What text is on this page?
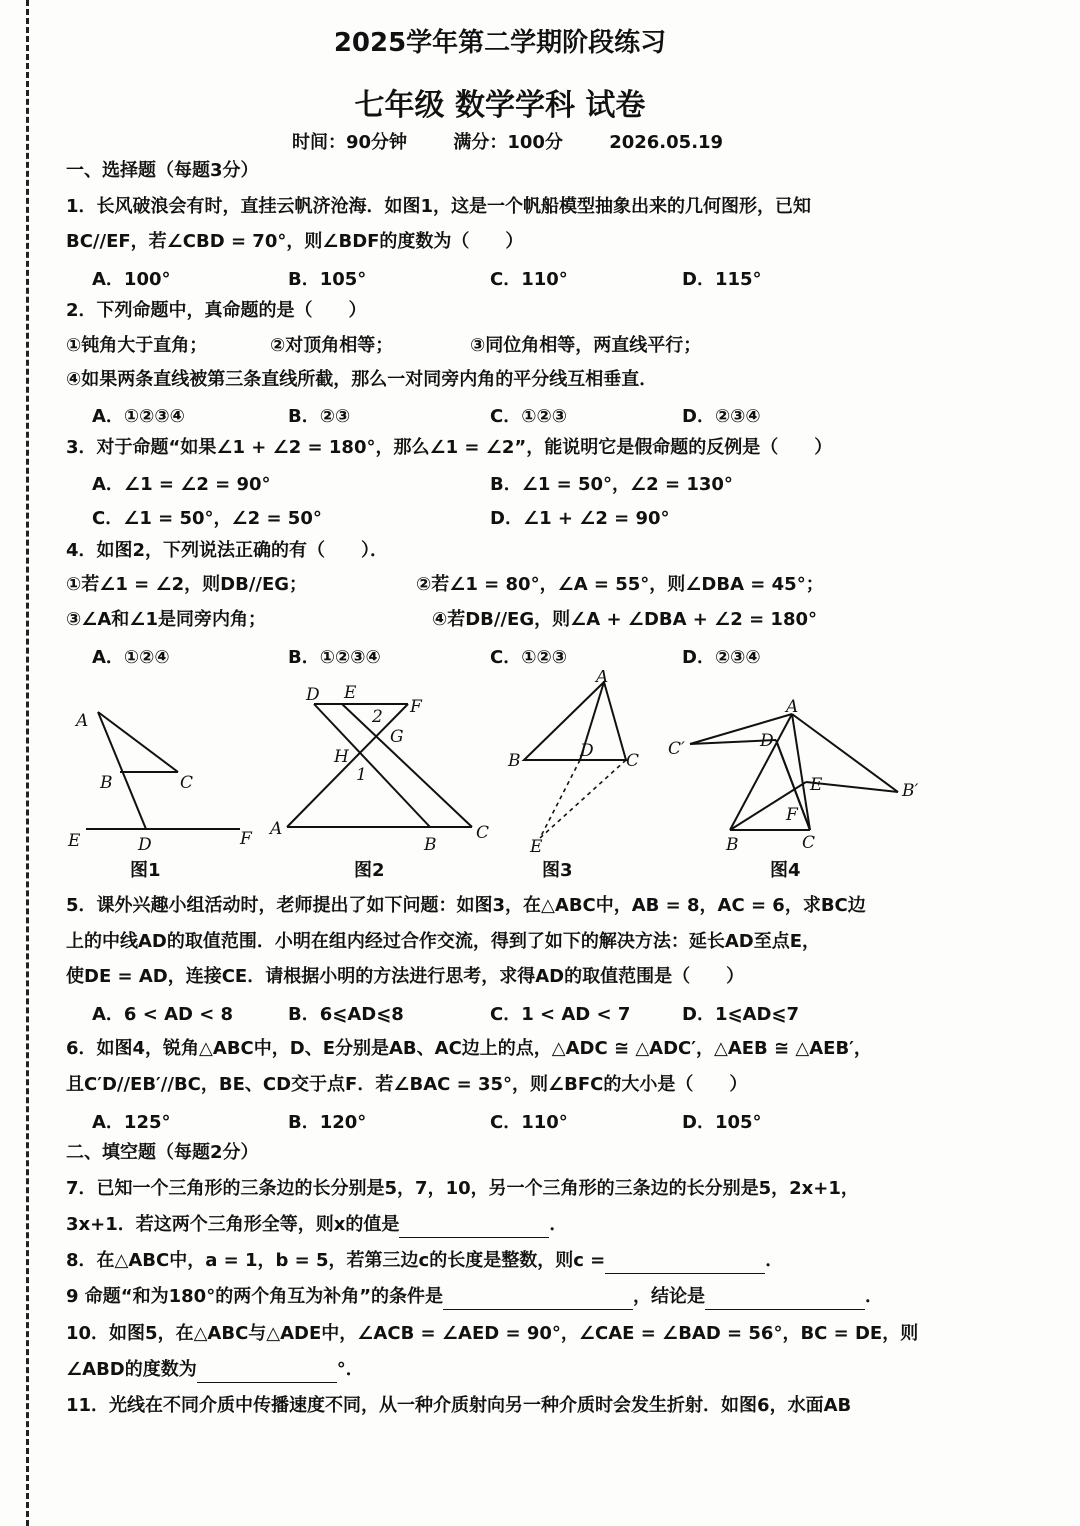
2025学年第二学期阶段练习
七年级 数学学科 试卷
时间：90分钟	满分：100分	2026.05.19
一、选择题（每题3分）
1．长风破浪会有时，直挂云帆济沧海．如图1，这是一个帆船模型抽象出来的几何图形，已知
BC//EF，若∠CBD = 70°，则∠BDF的度数为（　　）
A．100°	B．105°	C．110°	D．115°
2．下列命题中，真命题的是（　　）
①钝角大于直角；	②对顶角相等；	③同位角相等，两直线平行；
④如果两条直线被第三条直线所截，那么一对同旁内角的平分线互相垂直．
A．①②③④	B．②③	C．①②③	D．②③④
3．对于命题“如果∠1 + ∠2 = 180°，那么∠1 = ∠2”，能说明它是假命题的反例是（　　）
A．∠1 = ∠2 = 90°	B．∠1 = 50°，∠2 = 130°
C．∠1 = 50°，∠2 = 50°	D．∠1 + ∠2 = 90°
4．如图2，下列说法正确的有（　　）．
①若∠1 = ∠2，则DB//EG；	②若∠1 = 80°，∠A = 55°，则∠DBA = 45°；
③∠A和∠1是同旁内角；	④若DB//EG，则∠A + ∠DBA + ∠2 = 180°
A．①②④	B．①②③④	C．①②③	D．②③④
A
B	C
E	D	F
D E
F
2
G
H
1
A
B
C
A
B	D C
E
A
C′	D
E	B′
F
B	C
图1	图2	图3	图4
5．课外兴趣小组活动时，老师提出了如下问题：如图3，在△ABC中，AB = 8，AC = 6，求BC边
上的中线AD的取值范围．小明在组内经过合作交流，得到了如下的解决方法：延长AD至点E，
使DE = AD，连接CE．请根据小明的方法进行思考，求得AD的取值范围是（　　）
A．6 < AD < 8	B．6⩽AD⩽8	C．1 < AD < 7	D．1⩽AD⩽7
6．如图4，锐角△ABC中，D、E分别是AB、AC边上的点，△ADC ≅ △ADC′，△AEB ≅ △AEB′，
且C′D//EB′//BC，BE、CD交于点F．若∠BAC = 35°，则∠BFC的大小是（　　）
A．125°	B．120°	C．110°	D．105°
二、填空题（每题2分）
7．已知一个三角形的三条边的长分别是5，7，10，另一个三角形的三条边的长分别是5，2x+1，
3x+1．若这两个三角形全等，则x的值是	．
8．在△ABC中，a = 1，b = 5，若第三边c的长度是整数，则c =	．
9 命题“和为180°的两个角互为补角”的条件是	，结论是	．
10．如图5，在△ABC与△ADE中，∠ACB = ∠AED = 90°，∠CAE = ∠BAD = 56°，BC = DE，则
∠ABD的度数为	°．
11．光线在不同介质中传播速度不同，从一种介质射向另一种介质时会发生折射．如图6，水面AB
